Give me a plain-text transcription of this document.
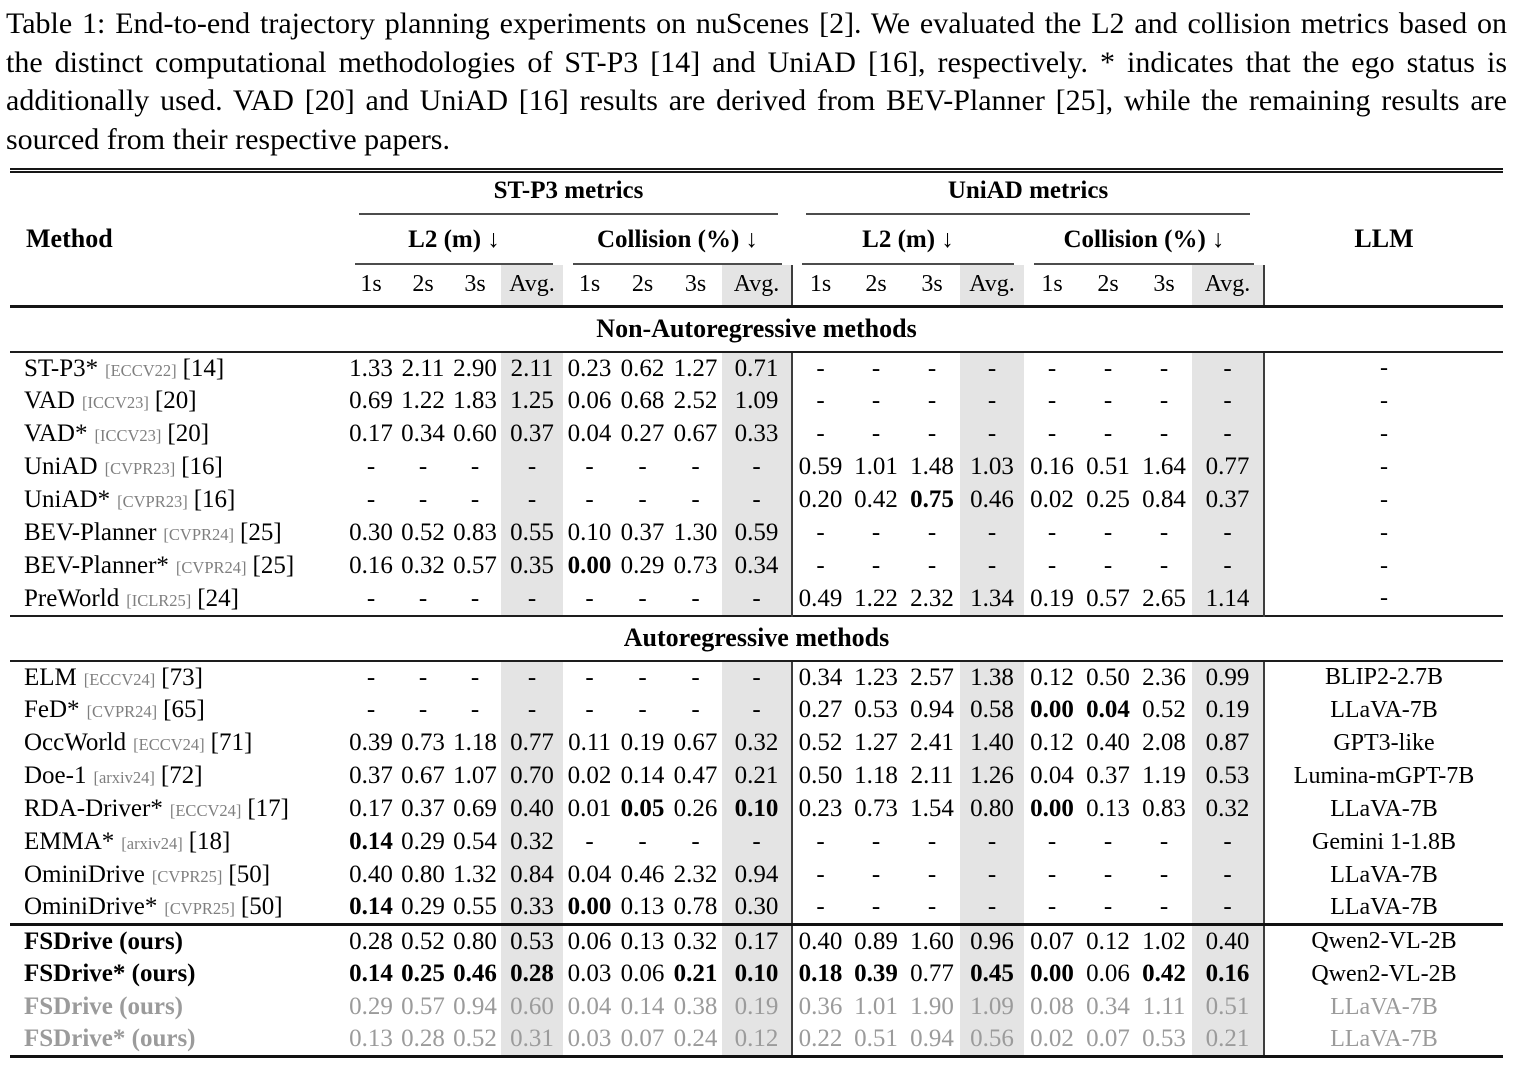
Table 1: End-to-end trajectory planning experiments on nuScenes [2]. We evaluated the L2 and collision metrics based on the distinct computational methodologies of ST-P3 [14] and UniAD [16], respectively. * indicates that the ego status is additionally used. VAD [20] and UniAD [16] results are derived from BEV-Planner [25], while the remaining results are sourced from their respective papers.

Method	ST-P3 metrics								UniAD metrics								LLM

	L2 (m) ↓				Collision (%) ↓				L2 (m) ↓				Collision (%) ↓				

	1s	2s	3s	Avg.	1s	2s	3s	Avg.	1s	2s	3s	Avg.	1s	2s	3s	Avg.	
Non-Autoregressive methods																	
ST-P3* [ECCV22] [14]	1.33	2.11	2.90	2.11	0.23	0.62	1.27	0.71	-	-	-	-	-	-	-	-	-
VAD [ICCV23] [20]	0.69	1.22	1.83	1.25	0.06	0.68	2.52	1.09	-	-	-	-	-	-	-	-	-
VAD* [ICCV23] [20]	0.17	0.34	0.60	0.37	0.04	0.27	0.67	0.33	-	-	-	-	-	-	-	-	-
UniAD [CVPR23] [16]	-	-	-	-	-	-	-	-	0.59	1.01	1.48	1.03	0.16	0.51	1.64	0.77	-
UniAD* [CVPR23] [16]	-	-	-	-	-	-	-	-	0.20	0.42	0.75	0.46	0.02	0.25	0.84	0.37	-
BEV-Planner [CVPR24] [25]	0.30	0.52	0.83	0.55	0.10	0.37	1.30	0.59	-	-	-	-	-	-	-	-	-
BEV-Planner* [CVPR24] [25]	0.16	0.32	0.57	0.35	0.00	0.29	0.73	0.34	-	-	-	-	-	-	-	-	-
PreWorld [ICLR25] [24]	-	-	-	-	-	-	-	-	0.49	1.22	2.32	1.34	0.19	0.57	2.65	1.14	-
Autoregressive methods																	
ELM [ECCV24] [73]	-	-	-	-	-	-	-	-	0.34	1.23	2.57	1.38	0.12	0.50	2.36	0.99	BLIP2-2.7B
FeD* [CVPR24] [65]	-	-	-	-	-	-	-	-	0.27	0.53	0.94	0.58	0.00	0.04	0.52	0.19	LLaVA-7B
OccWorld [ECCV24] [71]	0.39	0.73	1.18	0.77	0.11	0.19	0.67	0.32	0.52	1.27	2.41	1.40	0.12	0.40	2.08	0.87	GPT3-like
Doe-1 [arxiv24] [72]	0.37	0.67	1.07	0.70	0.02	0.14	0.47	0.21	0.50	1.18	2.11	1.26	0.04	0.37	1.19	0.53	Lumina-mGPT-7B
RDA-Driver* [ECCV24] [17]	0.17	0.37	0.69	0.40	0.01	0.05	0.26	0.10	0.23	0.73	1.54	0.80	0.00	0.13	0.83	0.32	LLaVA-7B
EMMA* [arxiv24] [18]	0.14	0.29	0.54	0.32	-	-	-	-	-	-	-	-	-	-	-	-	Gemini 1-1.8B
OminiDrive [CVPR25] [50]	0.40	0.80	1.32	0.84	0.04	0.46	2.32	0.94	-	-	-	-	-	-	-	-	LLaVA-7B
OminiDrive* [CVPR25] [50]	0.14	0.29	0.55	0.33	0.00	0.13	0.78	0.30	-	-	-	-	-	-	-	-	LLaVA-7B
FSDrive (ours)	0.28	0.52	0.80	0.53	0.06	0.13	0.32	0.17	0.40	0.89	1.60	0.96	0.07	0.12	1.02	0.40	Qwen2-VL-2B
FSDrive* (ours)	0.14	0.25	0.46	0.28	0.03	0.06	0.21	0.10	0.18	0.39	0.77	0.45	0.00	0.06	0.42	0.16	Qwen2-VL-2B
FSDrive (ours)	0.29	0.57	0.94	0.60	0.04	0.14	0.38	0.19	0.36	1.01	1.90	1.09	0.08	0.34	1.11	0.51	LLaVA-7B
FSDrive* (ours)	0.13	0.28	0.52	0.31	0.03	0.07	0.24	0.12	0.22	0.51	0.94	0.56	0.02	0.07	0.53	0.21	LLaVA-7B
